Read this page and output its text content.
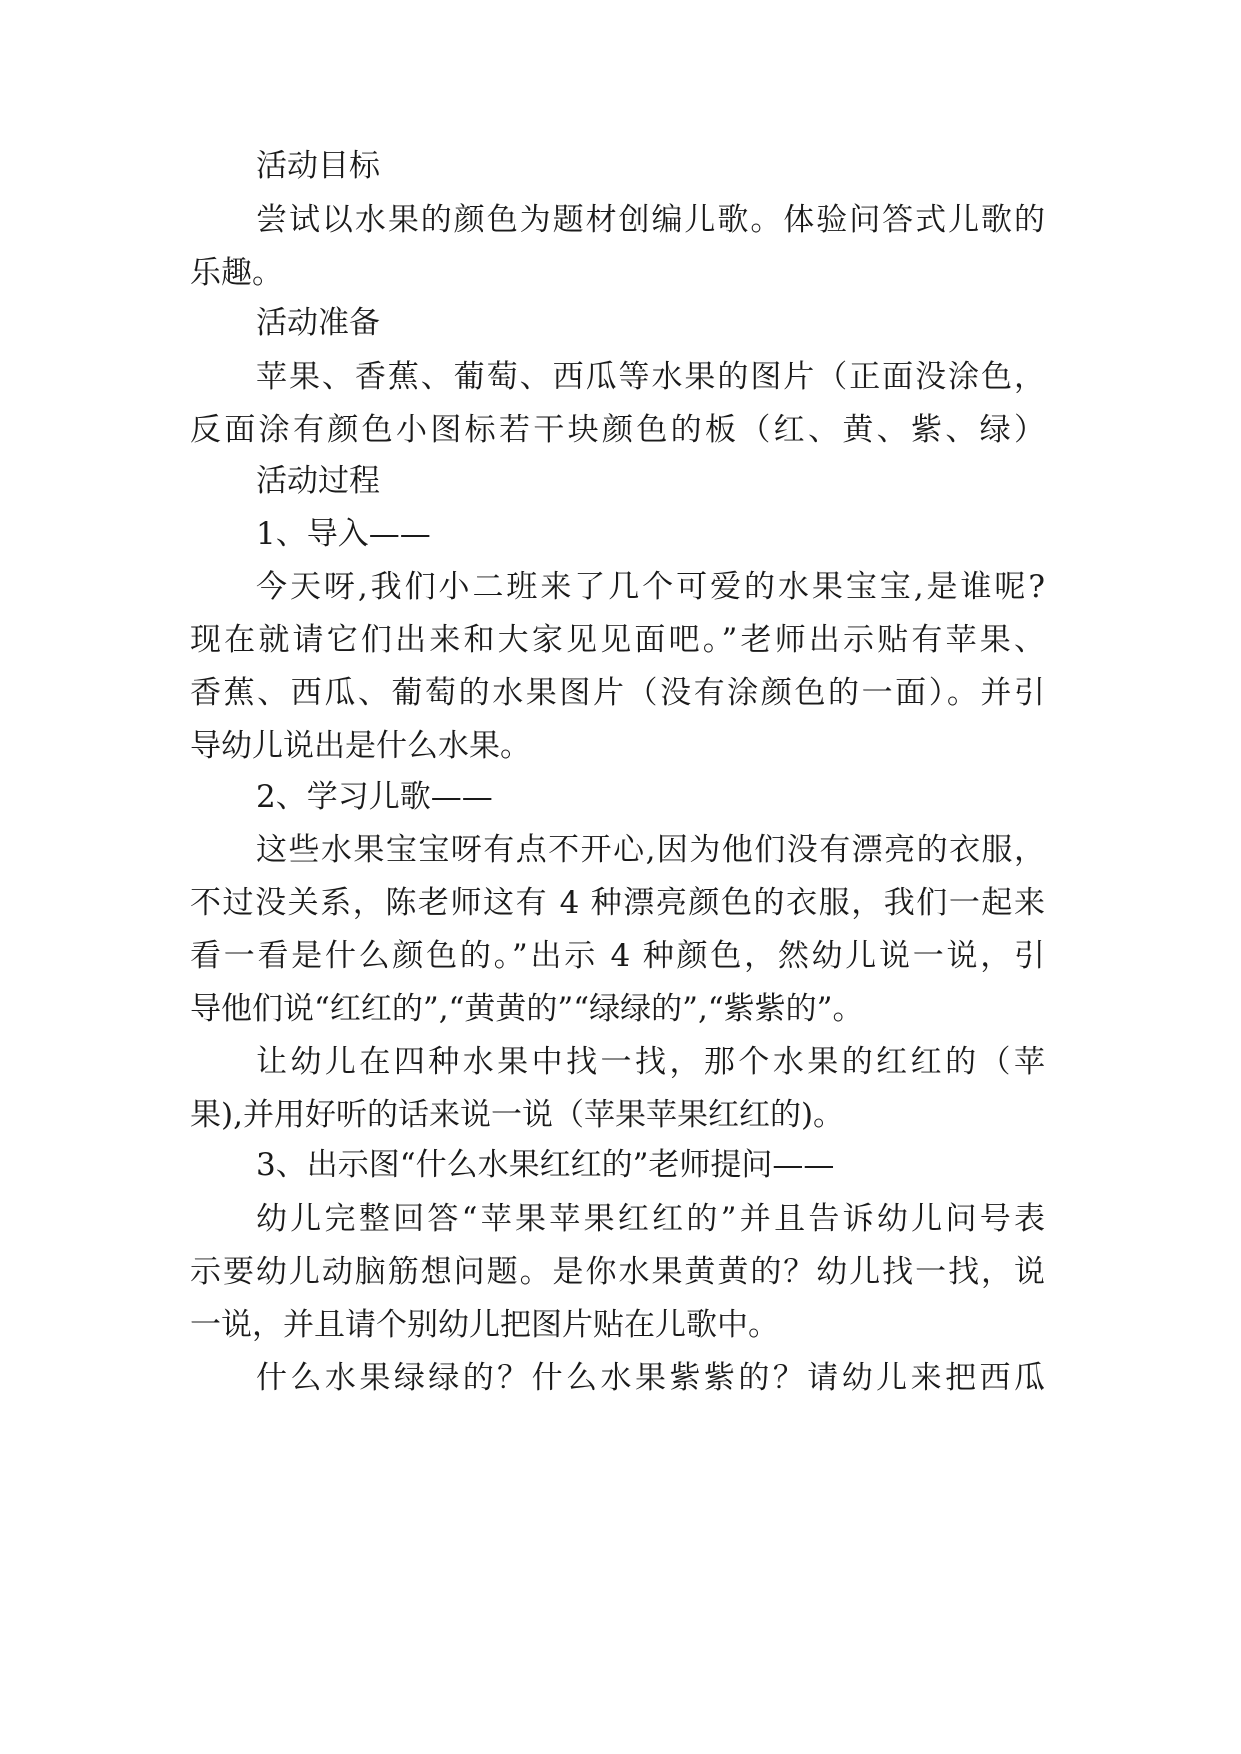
活动目标
尝试以水果的颜色为题材创编儿歌。体验问答式儿歌的
乐趣。
活动准备
苹果、香蕉、葡萄、西瓜等水果的图片（正面没涂色，
反面涂有颜色小图标若干块颜色的板（红、黄、紫、绿）
活动过程
1、导入——
今天呀,我们小二班来了几个可爱的水果宝宝,是谁呢?
现在就请它们出来和大家见见面吧。”老师出示贴有苹果、
香蕉、西瓜、葡萄的水果图片（没有涂颜色的一面）。并引
导幼儿说出是什么水果。
2、学习儿歌——
这些水果宝宝呀有点不开心,因为他们没有漂亮的衣服，
不过没关系，陈老师这有 4 种漂亮颜色的衣服，我们一起来
看一看是什么颜色的。”出示 4 种颜色，然幼儿说一说，引
导他们说“红红的”,“黄黄的”“绿绿的”,“紫紫的”。
让幼儿在四种水果中找一找，那个水果的红红的（苹
果),并用好听的话来说一说（苹果苹果红红的)。
3、出示图“什么水果红红的”老师提问——
幼儿完整回答“苹果苹果红红的”并且告诉幼儿问号表
示要幼儿动脑筋想问题。是你水果黄黄的？幼儿找一找，说
一说，并且请个别幼儿把图片贴在儿歌中。
什么水果绿绿的？什么水果紫紫的？请幼儿来把西瓜
